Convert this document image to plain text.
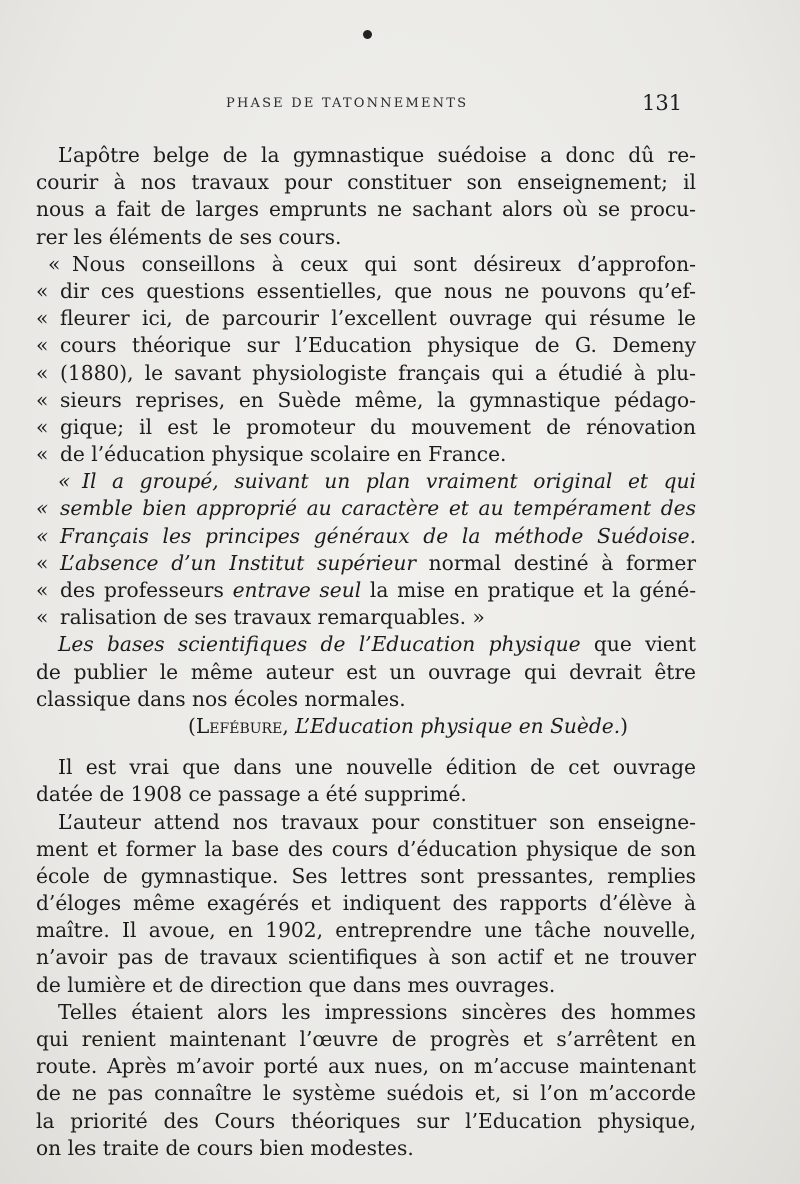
PHASE DE TATONNEMENTS	131
L’apôtre belge de la gymnastique suédoise a donc dû re-
courir à nos travaux pour constituer son enseignement; il
nous a fait de larges emprunts ne sachant alors où se procu-
rer les éléments de ses cours.
« Nous conseillons à ceux qui sont désireux d’approfon-
« dir ces questions essentielles, que nous ne pouvons qu’ef-
« fleurer ici, de parcourir l’excellent ouvrage qui résume le
« cours théorique sur l’Education physique de G. Demeny
« (1880), le savant physiologiste français qui a étudié à plu-
« sieurs reprises, en Suède même, la gymnastique pédago-
« gique; il est le promoteur du mouvement de rénovation
« de l’éducation physique scolaire en France.
« Il a groupé, suivant un plan vraiment original et qui
« semble bien approprié au caractère et au tempérament des
« Français les principes généraux de la méthode Suédoise.
« L’absence d’un Institut supérieur normal destiné à former
« des professeurs entrave seul la mise en pratique et la géné-
« ralisation de ses travaux remarquables. »
Les bases scientifiques de l’Education physique que vient
de publier le même auteur est un ouvrage qui devrait être
classique dans nos écoles normales.
(Lefébure, L’Education physique en Suède.)
Il est vrai que dans une nouvelle édition de cet ouvrage
datée de 1908 ce passage a été supprimé.
L’auteur attend nos travaux pour constituer son enseigne-
ment et former la base des cours d’éducation physique de son
école de gymnastique. Ses lettres sont pressantes, remplies
d’éloges même exagérés et indiquent des rapports d’élève à
maître. Il avoue, en 1902, entreprendre une tâche nouvelle,
n’avoir pas de travaux scientifiques à son actif et ne trouver
de lumière et de direction que dans mes ouvrages.
Telles étaient alors les impressions sincères des hommes
qui renient maintenant l’œuvre de progrès et s’arrêtent en
route. Après m’avoir porté aux nues, on m’accuse maintenant
de ne pas connaître le système suédois et, si l’on m’accorde
la priorité des Cours théoriques sur l’Education physique,
on les traite de cours bien modestes.
